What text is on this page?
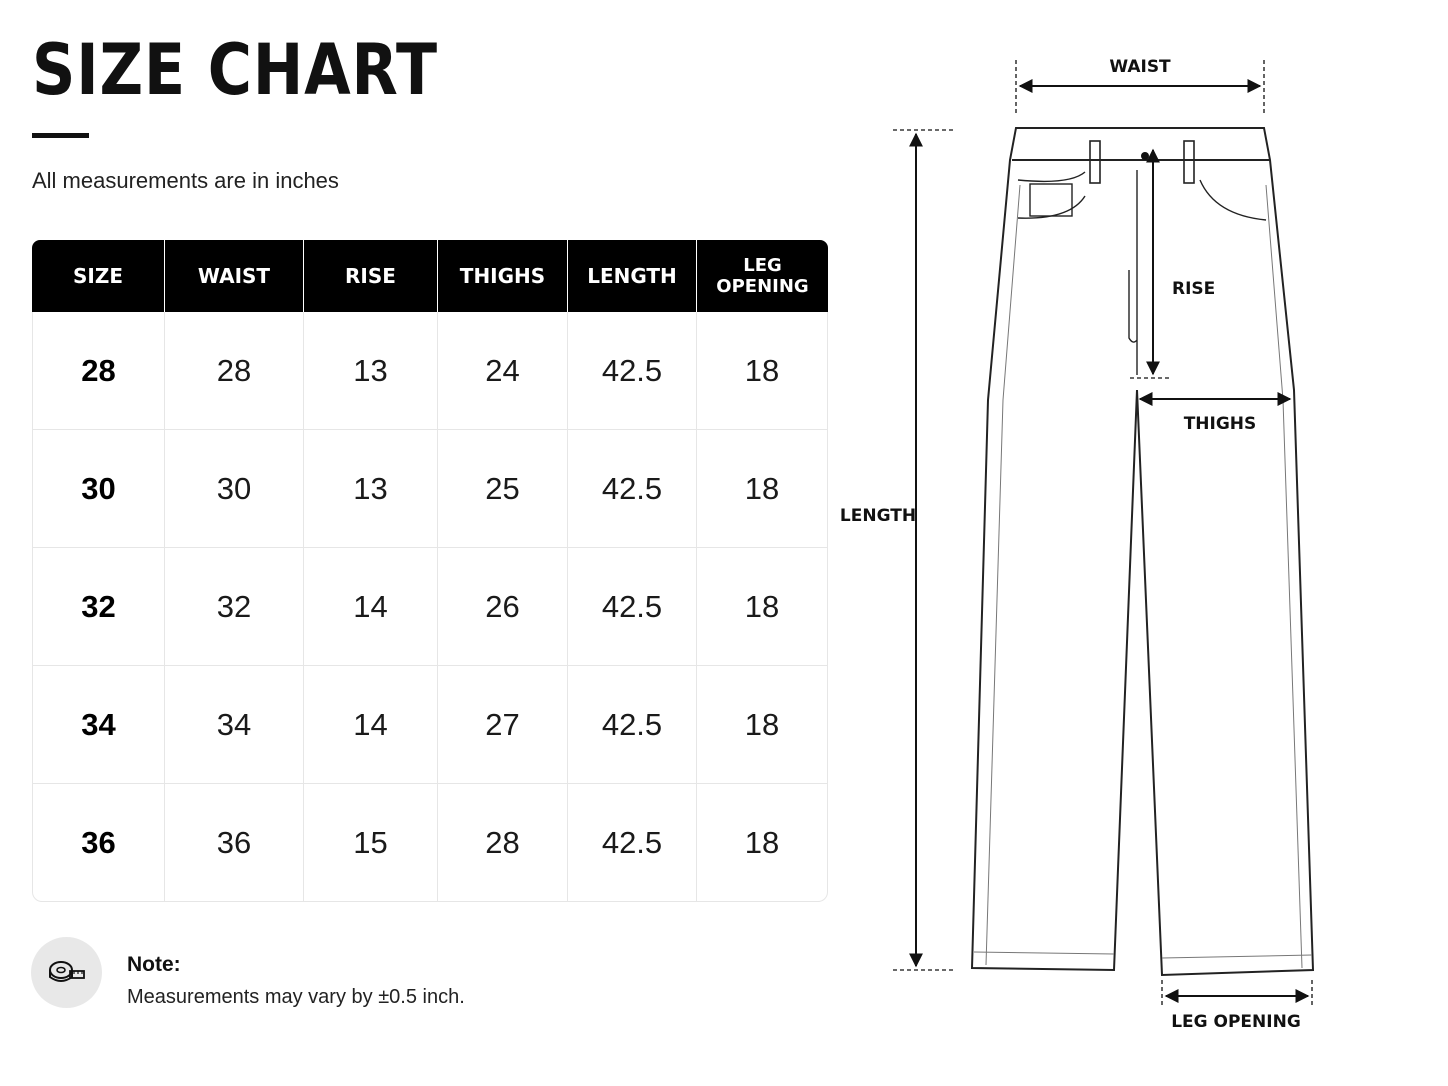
SIZE CHART
All measurements are in inches
SIZE	WAIST	RISE	THIGHS	LENGTH	LEG OPENING
28	28	13	24	42.5	18
30	30	13	25	42.5	18
32	32	14	26	42.5	18
34	34	14	27	42.5	18
36	36	15	28	42.5	18
Note:
Measurements may vary by ±0.5 inch.
WAIST
RISE
THIGHS
LENGTH
LEG OPENING
